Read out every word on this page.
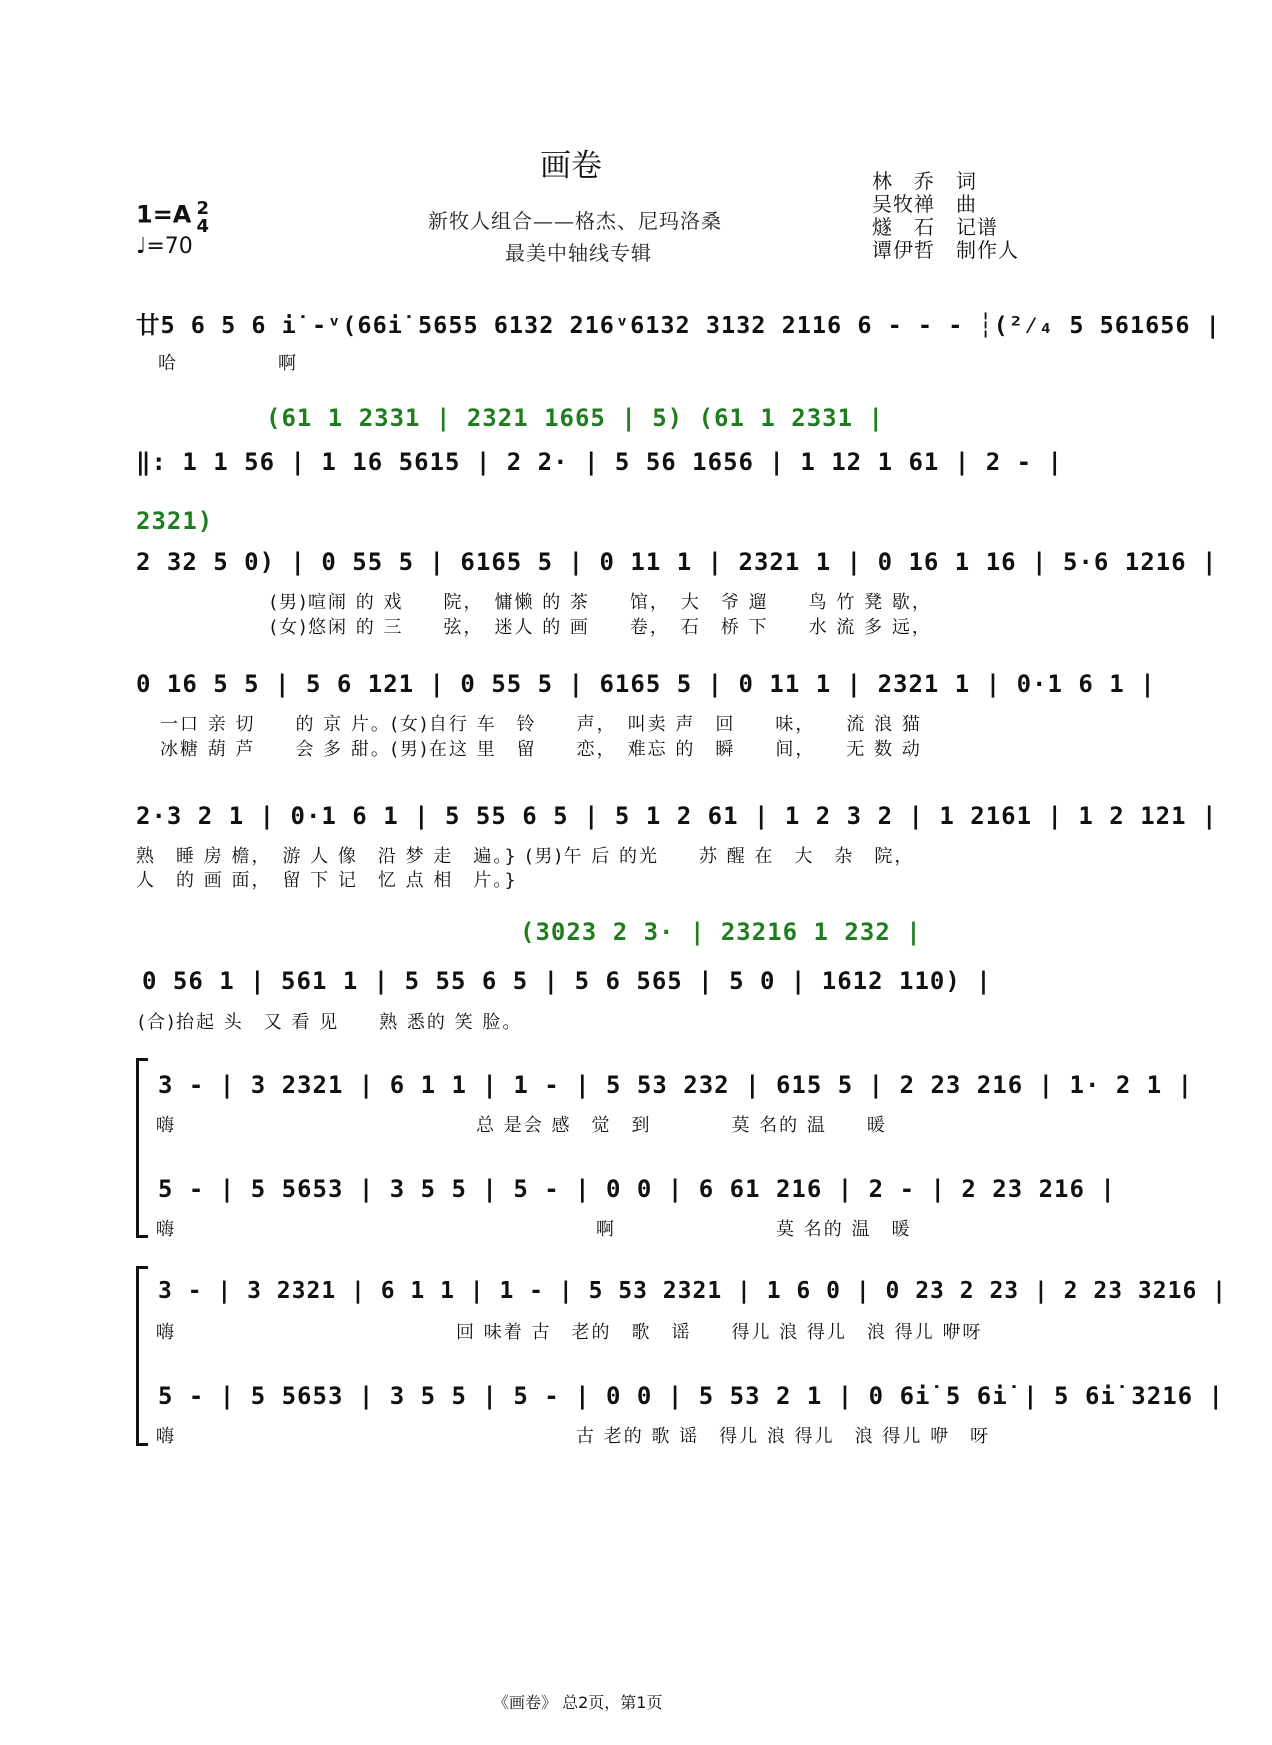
画卷
新牧人组合——格杰、尼玛洛桑
最美中轴线专辑
1=A 2
4
♩=70
林　乔　 词
吴牧禅　 曲
燧　石　 记谱
谭伊哲　 制作人
廿5 6 5 6 i̇ -ᵛ(66i̇ 5655 6132 216ᵛ6132 3132 2116 6 - - - ┆(²⁄₄ 5 561656 |
哈　　　　　啊
(61 1 2331 | 2321 1665 | 5) (61 1 2331 |
‖: 1 1 56 | 1 16 5615 | 2 2· | 5 56 1656 | 1 12 1 61 | 2 - |
2321)
2 32 5 0) | 0 55 5 | 6165 5 | 0 11 1 | 2321 1 | 0 16 1 16 | 5·6 1216 |
(男)喧闹 的 戏　　院，　慵懒 的 茶　　馆，　大　爷 遛　　鸟 竹 凳 歇，
(女)悠闲 的 三　　弦，　迷人 的 画　　卷，　石　桥 下　　水 流 多 远，
0 16 5 5 | 5 6 121 | 0 55 5 | 6165 5 | 0 11 1 | 2321 1 | 0·1 6 1 |
一口 亲 切　　的 京 片。(女)自行 车　铃　　声，　叫卖 声　回　　味，　　流 浪 猫
冰糖 葫 芦　　会 多 甜。(男)在这 里　留　　恋，　难忘 的　瞬　　间，　　无 数 动
2·3 2 1 | 0·1 6 1 | 5 55 6 5 | 5 1 2 61 | 1 2 3 2 | 1 2161 | 1 2 121 |
熟　睡 房 檐，　游 人 像　沿 梦 走　遍。} (男)午 后 的光　　苏 醒 在　大　杂　院，
人　的 画 面，　留 下 记　忆 点 相　片。}
(3023 2 3· | 23216 1 232 |
0 56 1 | 561 1 | 5 55 6 5 | 5 6 565 | 5 0 | 1612 110) |
(合)抬起 头　又 看 见　　熟 悉的 笑 脸。
3 - | 3 2321 | 6 1 1 | 1 - | 5 53 232 | 615 5 | 2 23 216 | 1· 2 1 |
嗨　　　　　　　　　　　　　　　总 是会 感　觉　到　　　　莫 名的 温　　暖
5 - | 5 5653 | 3 5 5 | 5 - | 0 0 | 6 61 216 | 2 - | 2 23 216 |
嗨　　　　　　　　　　　　　　　　　　　　　啊　　　　　　　　莫 名的 温　暖
3 - | 3 2321 | 6 1 1 | 1 - | 5 53 2321 | 1 6 0 | 0 23 2 23 | 2 23 3216 |
嗨　　　　　　　　　　　　　　回 味着 古　老的　歌　谣　　得儿 浪 得儿　浪 得儿 咿呀
5 - | 5 5653 | 3 5 5 | 5 - | 0 0 | 5 53 2 1 | 0 6i̇ 5 6i̇ | 5 6i̇ 3216 |
嗨　　　　　　　　　　　　　　　　　　　　古 老的 歌 谣　得儿 浪 得儿　浪 得儿 咿　呀
《画卷》 总2页，第1页
